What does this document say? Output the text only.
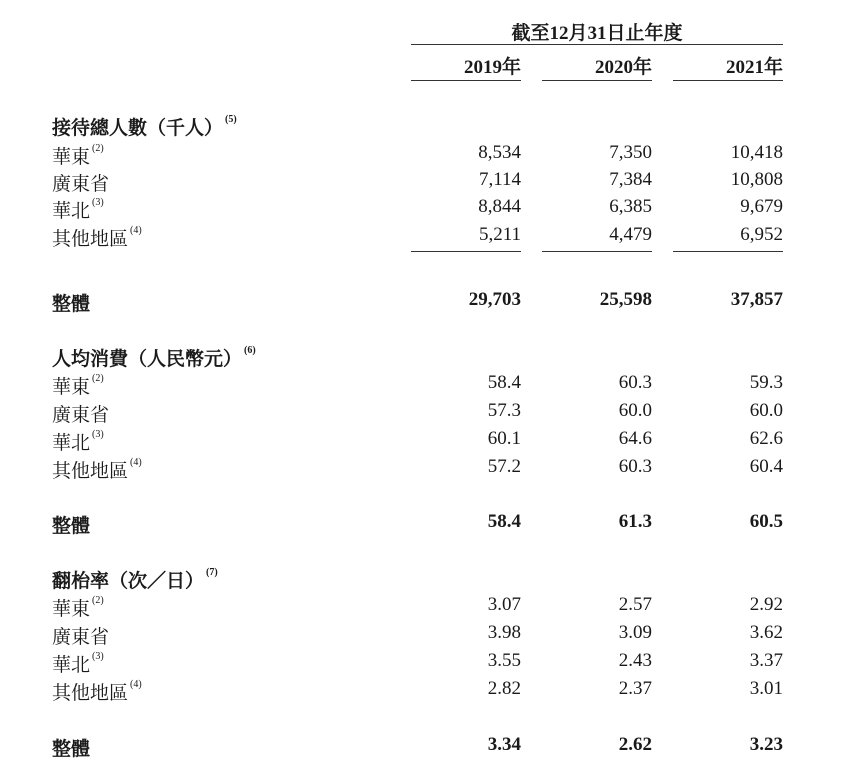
截至12月31日止年度
2019年	2020年	2021年
接待總人數（千人） $^{(5)}$
華東 $^{(2)}$	8,534	7,350	10,418
廣東省	7,114	7,384	10,808
華北 $^{(3)}$	8,844	6,385	9,679
其他地區 $^{(4)}$	5,211	4,479	6,952
整體	29,703	25,598	37,857
人均消費（人民幣元） $^{(6)}$
華東 $^{(2)}$	58.4	60.3	59.3
廣東省	57.3	60.0	60.0
華北 $^{(3)}$	60.1	64.6	62.6
其他地區 $^{(4)}$	57.2	60.3	60.4
整體	58.4	61.3	60.5
翻枱率（次／日） $^{(7)}$
華東 $^{(2)}$	3.07	2.57	2.92
廣東省	3.98	3.09	3.62
華北 $^{(3)}$	3.55	2.43	3.37
其他地區 $^{(4)}$	2.82	2.37	3.01
整體	3.34	2.62	3.23
